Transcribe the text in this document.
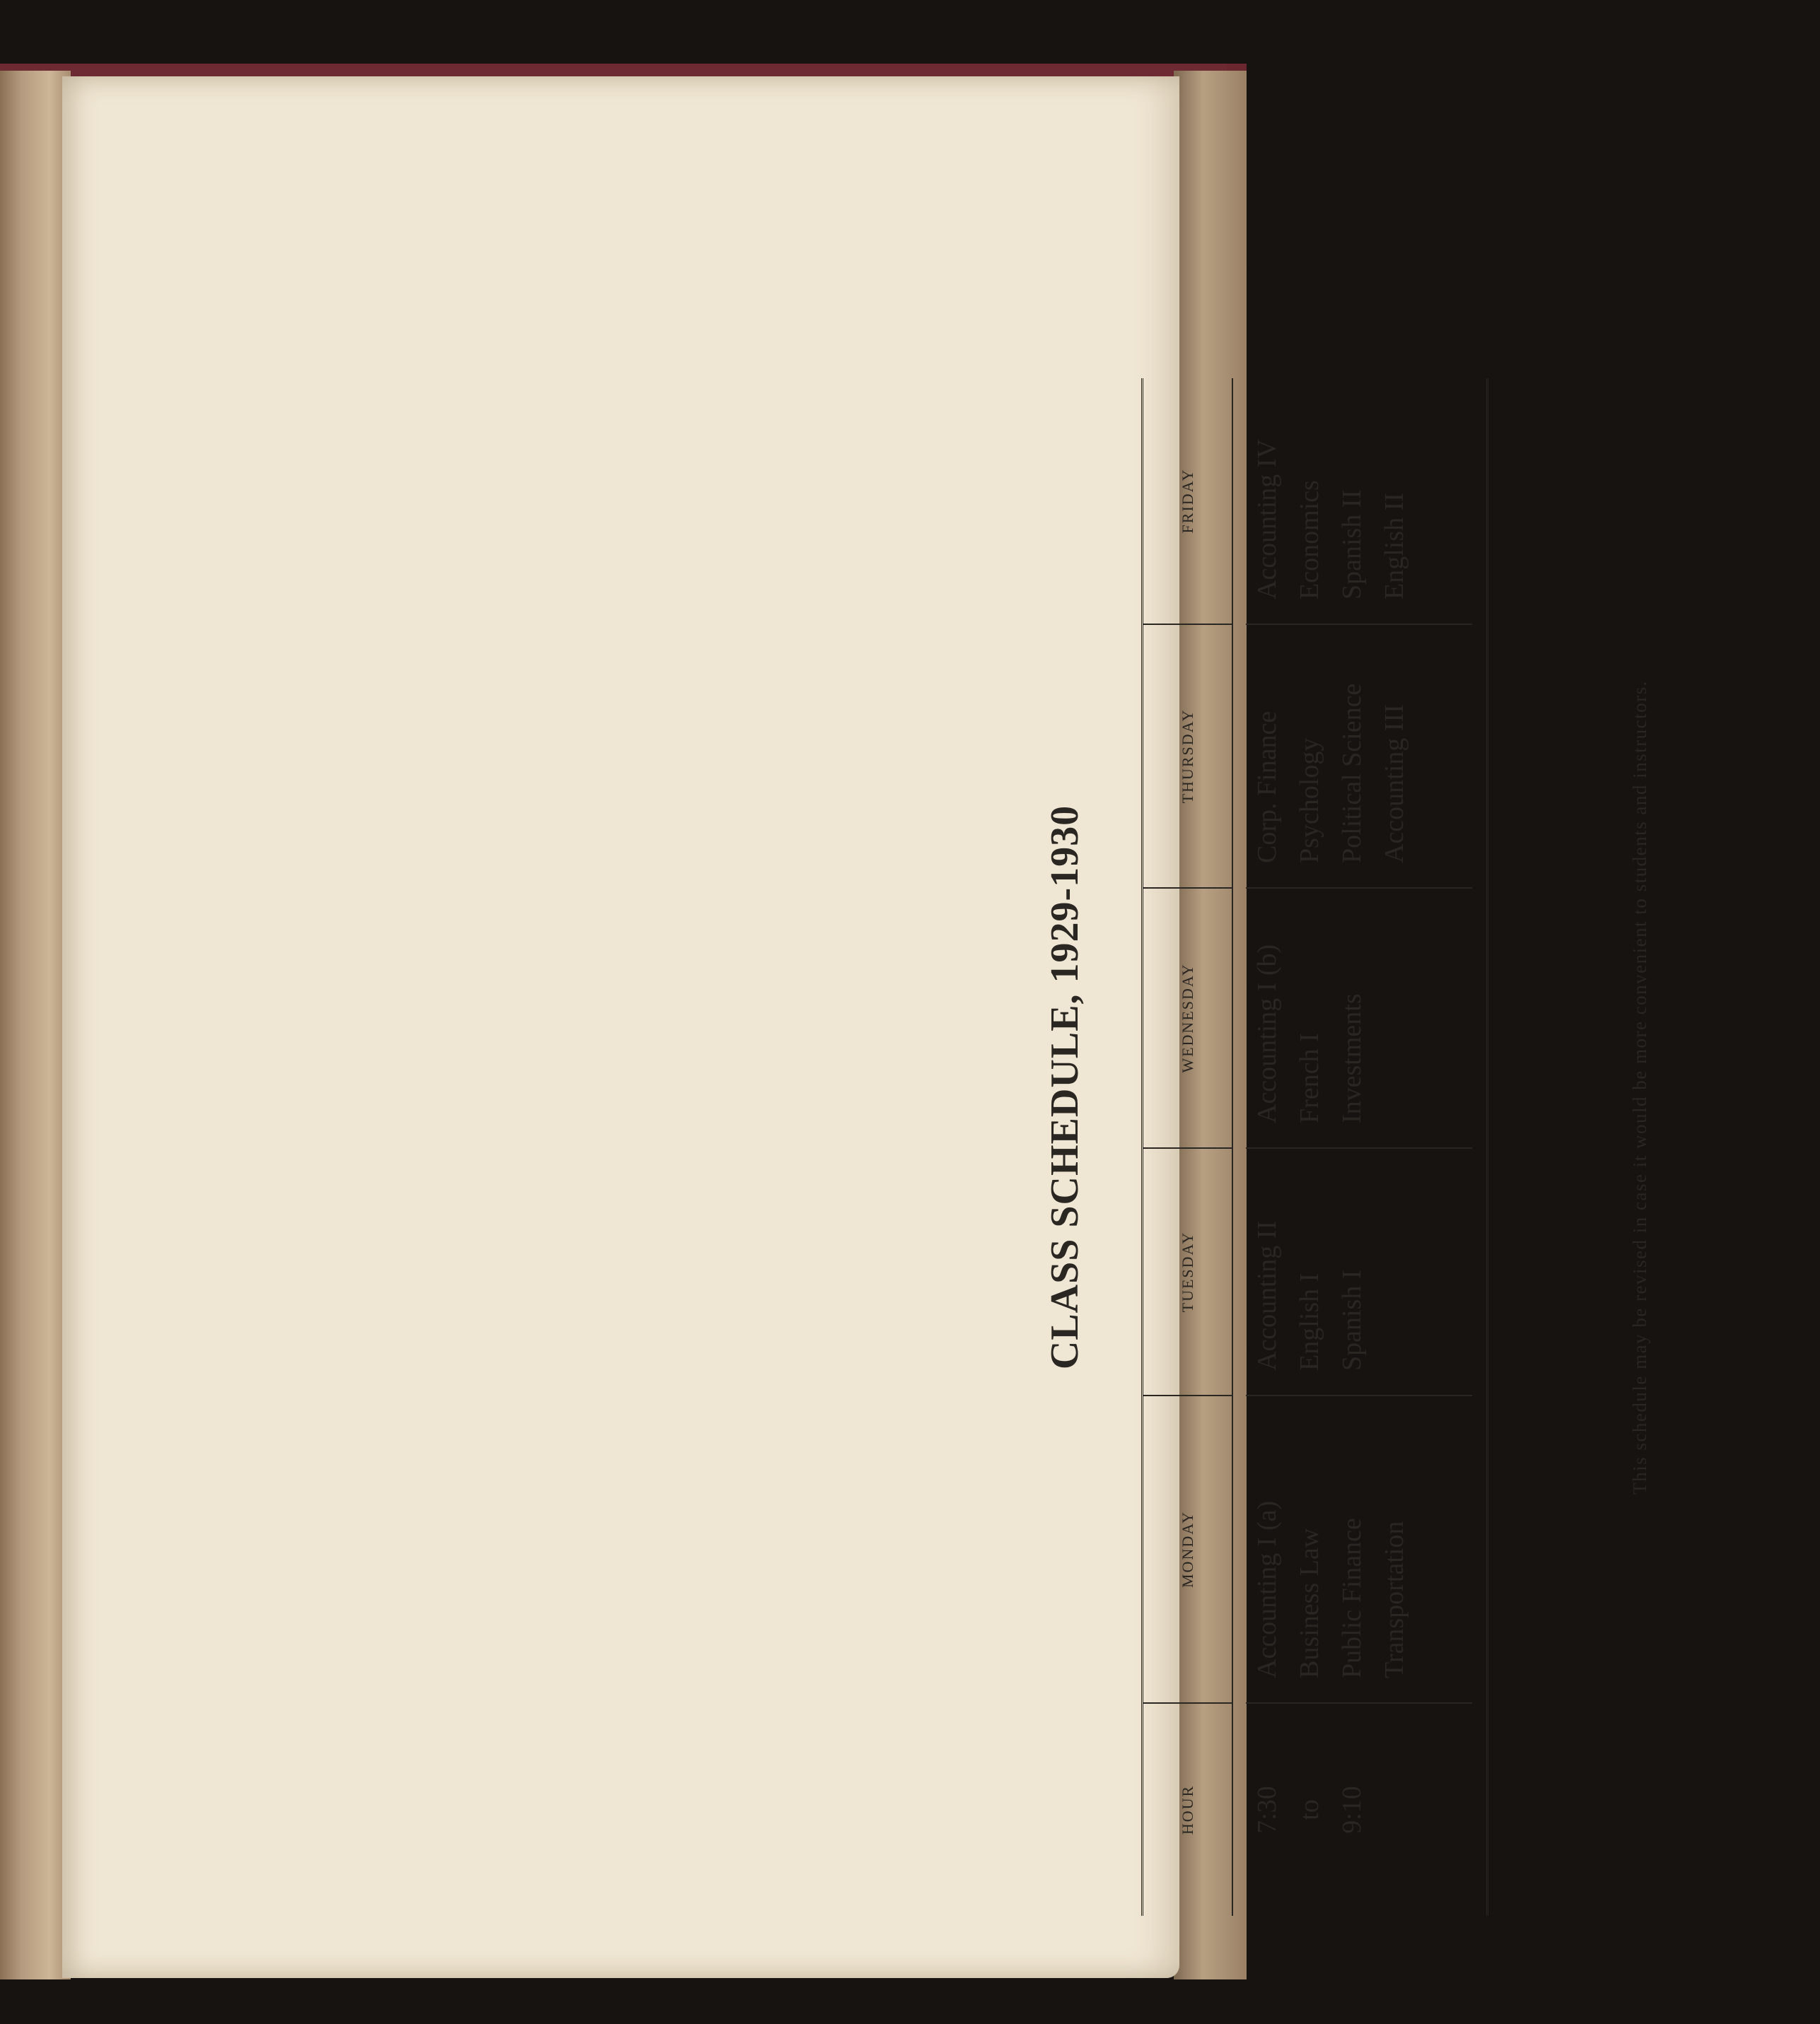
CLASS SCHEDULE, 1929-1930
HOUR
MONDAY
TUESDAY
WEDNESDAY
THURSDAY
FRIDAY
7:30 to 9:10
Accounting I (a) Business Law Public Finance Transportation
Accounting II English I Spanish I
Accounting I (b) French I Investments
Corp. Finance Psychology Political Science Accounting III
Accounting IV Economics Spanish II English II
This schedule may be revised in case it would be more convenient to students and instructors.
